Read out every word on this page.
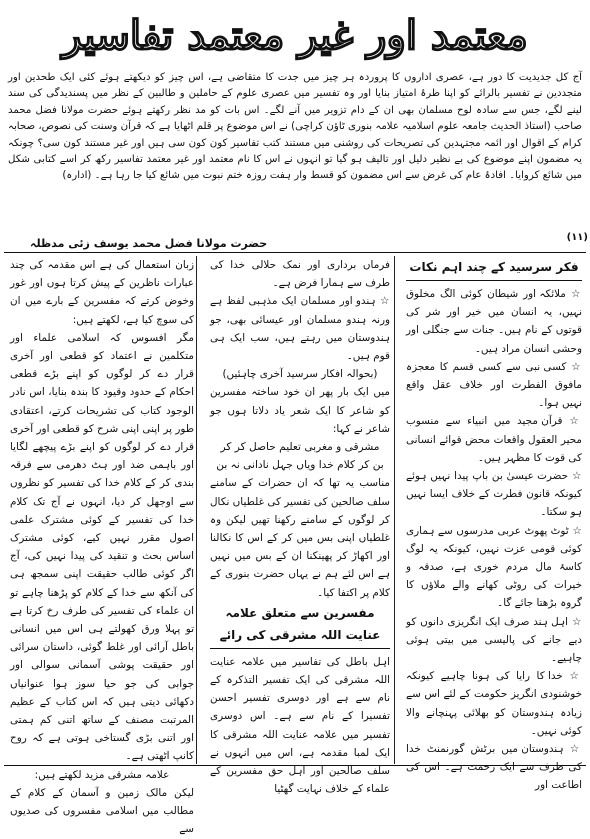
معتمد اور غیر معتمد تفاسیر

آج کل جدیدیت کا دور ہے، عصری اداروں کا پروردہ ہر چیز میں جدت کا متقاضی ہے، اس چیز کو دیکھتے ہوئے کئی ایک طحدین اور متجددین نے تفسیر بالرائے کو اپنا طرۂ امتیاز بنایا اور وہ تفسیر میں عصری علوم کے حاملین و طالبین کے نظر میں پسندیدگی کی سند لینے لگے، جس سے سادہ لوح مسلمان بھی ان کے دام تزویر میں آنے لگے۔ اس بات کو مد نظر رکھتے ہوئے حضرت مولانا فضل محمد صاحب (استاذ الحدیث جامعہ علوم اسلامیہ علامہ بنوری ٹاؤن کراچی) نے اس موضوع پر قلم اٹھایا ہے کہ قرآن وسنت کی نصوص، صحابہ کرام کے اقوال اور ائمہ مجتہدین کی تصریحات کی روشنی میں مستند کتب تفاسیر کون کون سی ہیں اور غیر مستند کون سی؟ چونکہ یہ مضمون اپنے موضوع کی بے نظیر دلیل اور تالیف ہو گیا تو انہوں نے اس کا نام معتمد اور غیر معتمد تفاسیر رکھ کر اسے کتابی شکل میں شائع کروایا۔ افادۂ عام کی غرض سے اس مضمون کو قسط وار ہفت روزہ ختم نبوت میں شائع کیا جا رہا ہے۔ (ادارہ)

(۱۱)
حضرت مولانا فضل محمد یوسف زئی مدظلہ
فکر سرسید کے چند اہم نکات

☆ ملائکہ اور شیطان کوئی الگ مخلوق نہیں، یہ انسان میں خیر اور شر کی قوتوں کے نام ہیں۔ جنات سے جنگلی اور وحشی انسان مراد ہیں۔

☆ کسی نبی سے کسی قسم کا معجزہ مافوق الفطرت اور خلاف عقل واقع نہیں ہوا۔

☆ قرآن مجید میں انبیاء سے منسوب محیر العقول واقعات محض قوائے انسانی کی قوت کا مظہر ہیں۔

☆ حضرت عیسیٰ بن باپ پیدا نہیں ہوئے کیونکہ قانون فطرت کے خلاف ایسا نہیں ہو سکتا۔

☆ ٹوٹ پھوٹ عربی مدرسوں سے ہماری کوئی قومی عزت نہیں، کیونکہ یہ لوگ کاسۂ مال مردم خوری ہے، صدقہ و خیرات کی روٹی کھانے والے ملاؤں کا گروہ بڑھتا جائے گا۔

☆ اہل ہند صرف ایک انگریزی دانوں کو دیے جانے کی پالیسی میں بیتی ہوئی چاہیے۔

☆ خدا کا رایا کی ہونا چاہیے کیونکہ خوشنودی انگریز حکومت کے لئے اس سے زیادہ ہندوستان کو بھلائی پہنچانے والا کوئی نہیں۔

☆ ہندوستان میں برٹش گورنمنٹ خدا کی طرف سے ایک رحمت ہے۔ اس کی اطاعت اور

فرماں برداری اور نمک حلالی خدا کی طرف سے ہمارا فرض ہے۔

☆ ہندو اور مسلمان ایک مذہبی لفظ ہے ورنہ ہندو مسلمان اور عیسائی بھی، جو ہندوستان میں رہتے ہیں، سب ایک ہی قوم ہیں۔

(بحوالہ افکار سرسید آخری چاہئیں)

میں ایک بار پھر ان خود ساختہ مفسرین کو شاعر کا ایک شعر یاد دلاتا ہوں جو شاعر نے کہا:

مشرقی و مغربی تعلیم حاصل کر کر

بن کر کلام خدا ویاں جہل نادانی نہ بن

مناسب یہ تھا کہ ان حضرات کے سامنے سلف صالحین کی تفسیر کی غلطیاں نکال کر لوگوں کے سامنے رکھنا تھیں لیکن وہ غلطیاں اپنی بس میں کر کے اس کا نکالنا اور اکھاڑ کر پھینکنا ان کے بس میں نہیں ہے اس لئے ہم نے یہاں حضرت بنوری کے کلام پر اکتفا کیا۔

مفسرین سے متعلق علامہ عنایت اللہ مشرقی کی رائے

اہل باطل کی تفاسیر میں علامہ عنایت اللہ مشرقی کی ایک تفسیر التذکرہ کے نام سے ہے اور دوسری تفسیر احسن تفسیرا کے نام سے ہے۔ اس دوسری تفسیر میں علامہ عنایت اللہ مشرقی کا ایک لمبا مقدمہ ہے، اس میں انہوں نے سلف صالحین اور اہل حق مفسرین کے علماء کے خلاف نہایت گھٹیا

زبان استعمال کی ہے اس مقدمہ کی چند عبارات ناظرین کے پیش کرتا ہوں اور غور وخوض کرتے کہ مفسرین کے بارے میں ان کی سوچ کیا ہے، لکھتے ہیں:

مگر افسوس کہ اسلامی علماء اور متکلمین نے اعتماد کو قطعی اور آخری قرار دے کر لوگوں کو اپنے بڑے قطعی احکام کے حدود وقیود کا بندہ بنایا، اس نادر الوجود کتاب کی تشریحات کرتے، اعتقادی طور پر اپنی اپنی شرح کو قطعی اور آخری قرار دے کر لوگوں کو اپنے بڑے پیچھے لگایا اور باہمی ضد اور ہٹ دھرمی سے فرقہ بندی کر کے کلام خدا کی تفسیر کو نظروں سے اوجھل کر دیا، انہوں نے آج تک کلام خدا کی تفسیر کے کوئی مشترک علمی اصول مقرر نہیں کیے، کوئی مشترک اساس بحث و تنقید کی پیدا نہیں کی، آج اگر کوئی طالب حقیقت اپنی سمجھ ہی کی آنکھ سے خدا کے کلام کو پڑھنا چاہے تو ان علماء کی تفسیر کی طرف رخ کرتا ہے تو پہلا ورق کھولتے ہی اس میں انسانی باطل آرائی اور غلط گوئی، داستان سرائی اور حقیقت پوشی آسمانی سوالی اور جوابی کی جو حیا سوز ہوا عنوانیاں دکھائی دیتی ہیں کہ اس کتاب کے عظیم المرتبت مصنف کے ساتھ اتنی کم ہمتی اور اتنی بڑی گستاخی ہوتی ہے کہ روح کانپ اٹھتی ہے۔

علامہ مشرقی مزید لکھتے ہیں:

لیکن مالک زمین و آسمان کے کلام کے مطالب میں اسلامی مفسروں کی صدیوں سے
